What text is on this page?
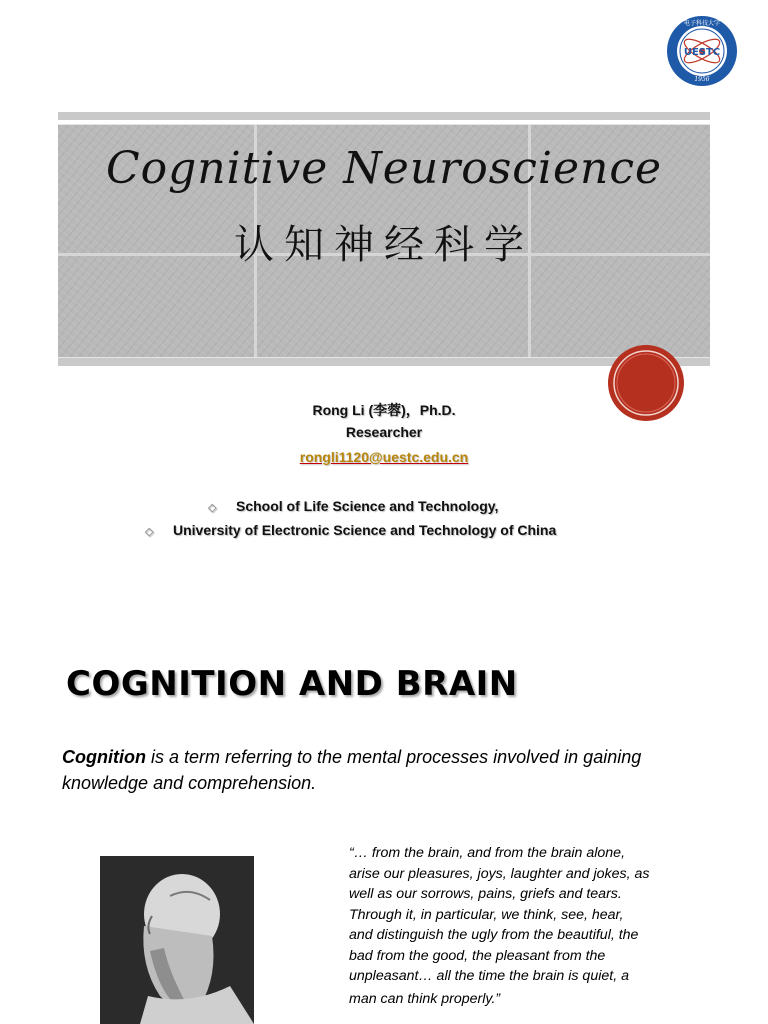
UESTC
1956
电子科技大学
Cognitive Neuroscience
认知神经科学
Rong Li (李蓉)，Ph.D.
Researcher
rongli1120@uestc.edu.cn
◇ School of Life Science and Technology,
◇ University of Electronic Science and Technology of China
COGNITION AND BRAIN
Cognition is a term referring to the mental processes involved in gaining knowledge and comprehension.
“… from the brain, and from the brain alone,
arise our pleasures, joys, laughter and jokes, as
well as our sorrows, pains, griefs and tears.
Through it, in particular, we think, see, hear,
and distinguish the ugly from the beautiful, the
bad from the good, the pleasant from the
unpleasant… all the time the brain is quiet, a
man can think properly.”
